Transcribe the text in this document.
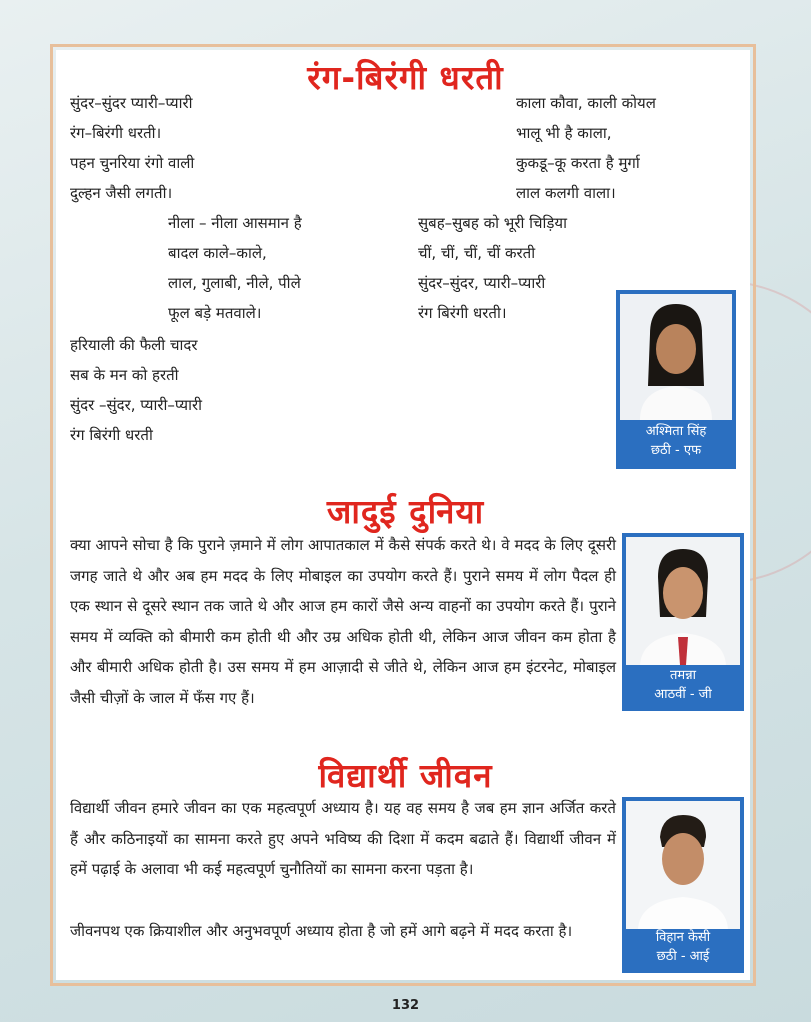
रंग-बिरंगी धरती
सुंदर–सुंदर प्यारी–प्यारी
रंग–बिरंगी धरती।
पहन चुनरिया रंगो वाली
दुल्हन जैसी लगती।
नीला – नीला आसमान है
बादल काले–काले,
लाल, गुलाबी, नीले, पीले
फूल बड़े मतवाले।
काला कौवा, काली कोयल
भालू भी है काला,
कुकडू–कू करता है मुर्गा
लाल कलगी वाला।
सुबह–सुबह को भूरी चिड़िया
चीं, चीं, चीं, चीं करती
सुंदर–सुंदर, प्यारी–प्यारी
रंग बिरंगी धरती।
हरियाली की फैली चादर
सब के मन को हरती
सुंदर –सुंदर, प्यारी–प्यारी
रंग बिरंगी धरती	अश्मिता सिंह
छठी - एफ
जादुई दुनिया
क्या आपने सोचा है कि पुराने ज़माने में लोग आपातकाल में कैसे संपर्क करते थे। वे मदद के लिए दूसरी जगह जाते थे और अब हम मदद के लिए मोबाइल का उपयोग करते हैं। पुराने समय में लोग पैदल ही एक स्थान से दूसरे स्थान तक जाते थे और आज हम कारों जैसे अन्य वाहनों का उपयोग करते हैं। पुराने समय में व्यक्ति को बीमारी कम होती थी और उम्र अधिक होती थी, लेकिन आज जीवन कम होता है और बीमारी अधिक होती है। उस समय में हम आज़ादी से जीते थे, लेकिन आज हम इंटरनेट, मोबाइल जैसी चीज़ों के जाल में फँस गए हैं।
तमन्ना
आठवीं - जी
विद्यार्थी जीवन
विद्यार्थी जीवन हमारे जीवन का एक महत्वपूर्ण अध्याय है। यह वह समय है जब हम ज्ञान अर्जित करते हैं और कठिनाइयों का सामना करते हुए अपने भविष्य की दिशा में कदम बढाते हैं। विद्यार्थी जीवन में हमें पढ़ाई के अलावा भी कई महत्वपूर्ण चुनौतियों का सामना करना पड़ता है।
जीवनपथ एक क्रियाशील और अनुभवपूर्ण अध्याय होता है जो हमें आगे बढ़ने में मदद करता है।	विहान केसी
छठी - आई
132
